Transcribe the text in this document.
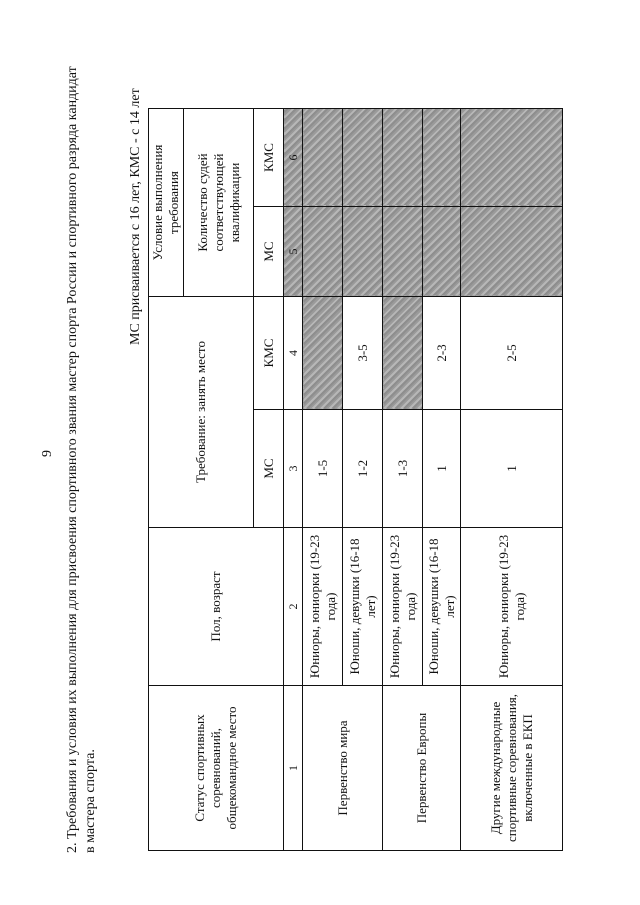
9 2. Требования и условия их выполнения для присвоения спортивного звания мастер спорта России и спортивного разряда кандидат в мастера спорта.
МС присваивается с 16 лет, КМС - с 14 лет
Статус спортивных соревнований, общекомандное место	Пол, возраст	Требование: занять место		Условие выполнения требования	
				Количество судей соответствующей квалификации	
		МС	КМС	МС	КМС
1	2	3	4	5	6
Первенство мира	Юниоры, юниорки (19-23 года)	1-5			
	Юноши, девушки (16-18 лет)	1-2	3-5		
Первенство Европы	Юниоры, юниорки (19-23 года)	1-3			
	Юноши, девушки (16-18 лет)	1	2-3		
Другие международные спортивные соревнования, включенные в ЕКП	Юниоры, юниорки (19-23 года)	1	2-5		
